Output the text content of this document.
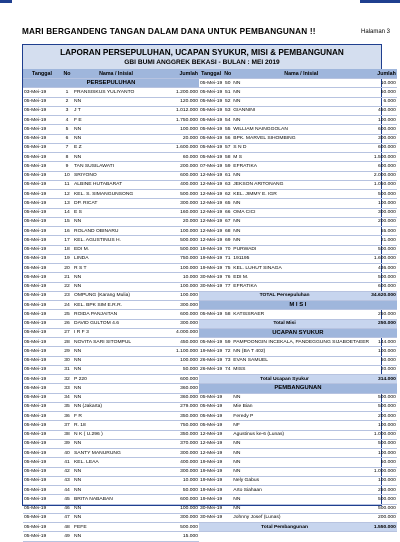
MARI BERGANDENG TANGAN DALAM DANA UNTUK PEMBANGUNAN !!	Halaman 3
LAPORAN PERSEPULUHAN, UCAPAN SYUKUR, MISI & PEMBANGUNAN
GBI BUMI ANGGREK BEKASI - BULAN : MEI 2019
Tanggal	No	Nama / Inisial	Jumlah
PERSEPULUHAN			
03-Mei-19	1	FRANSISKUS YULIYANTO	1.200.000
05-Mei-19	2	NN	120.000
05-Mei-19	3	J T	1.012.000
05-Mei-19	4	F E	1.750.000
05-Mei-19	5	NN	100.000
05-Mei-19	6	NN	20.000
05-Mei-19	7	E Z	1.600.000
05-Mei-19	8	NN	60.000
05-Mei-19	9	TAN SUSILAWATI	200.000
05-Mei-19	10	SRIYONO	600.000
05-Mei-19	11	ALBINE HUTABARAT	400.000
05-Mei-19	12	KEL. S. SIMANGUNSONG	500.000
05-Mei-19	13	DP. RICAT	300.000
05-Mei-19	14	E S	160.000
05-Mei-19	15	NN	20.000
05-Mei-19	16	ROLAND OBINARU	100.000
05-Mei-19	17	KEL. AGUSTINUS H.	500.000
05-Mei-19	18	EDI M.	500.000
05-Mei-19	19	LINDA	750.000
05-Mei-19	20	R S T	100.000
05-Mei-19	21	NN	10.000
05-Mei-19	22	NN	100.000
05-Mei-19	23	OMPUNG (Karang Mulia)	100.000
05-Mei-19	24	KEL. BPK SIM E.R.R.	300.000
05-Mei-19	25	ROIDA PANJAITAN	600.000
05-Mei-19	26	DAVID GULTOM 4.6	300.000
05-Mei-19	27	I R F 3	4.000.000
05-Mei-19	28	NOVITA SARI SITOMPUL	450.000
05-Mei-19	29	NN	1.100.000
05-Mei-19	30	NN	100.000
05-Mei-19	31	NN	50.000
05-Mei-19	32	P 220	600.000
05-Mei-19	33	NN	360.000
05-Mei-19	34	NN	360.000
05-Mei-19	35	NN (Jakarta)	279.000
05-Mei-19	36	F R	350.000
05-Mei-19	37	R. 18	750.000
05-Mei-19	38	N K ( U.296 )	350.000
05-Mei-19	39	NN	370.000
05-Mei-19	40	SANTY MANURUNG	300.000
05-Mei-19	41	KEL. LEAA	400.000
05-Mei-19	42	NN	300.000
05-Mei-19	43	NN	10.000
05-Mei-19	44	NN	50.000
05-Mei-19	45	BRITA NABABAN	600.000
05-Mei-19	46	NN	100.000
05-Mei-19	47	NN	300.000
05-Mei-19	48	FEFE	500.000
05-Mei-19	49	NN	15.000
Tanggal	No	Nama / Inisial	Jumlah
05-Mei-19	50	NN	10.000
05-Mei-19	51	NN	50.000
05-Mei-19	52	NN	6.000
05-Mei-19	53	GIANNINI	450.000
05-Mei-19	54	NN	100.000
05-Mei-19	55	WILLIAM NAINGGOLAN	600.000
05-Mei-19	56	BPK. MARVEL SIHOMBING	300.000
05-Mei-19	57	S N D	600.000
05-Mei-19	58	M S	1.500.000
07-Mei-19	59	EFRATIKA	600.000
12-Mei-19	61	NN	2.000.000
12-Mei-19	63	JEKSON ARITONANG	1.050.000
12-Mei-19	62	KEL. JIMMY E. IGR	500.000
12-Mei-19	65	NN	100.000
12-Mei-19	66	OMA CICI	300.000
12-Mei-19	67	NN	200.000
12-Mei-19	68	NN	55.000
12-Mei-19	69	NN	21.000
19-Mei-19	70	PURWADI	500.000
19-Mei-19	71	191195	1.600.000
19-Mei-19	75	KEL. LUHUT SINAGA	436.000
30-Mei-19	76	EDI M.	500.000
30-Mei-19	77	EFRATIKA	600.000
TOTAL Persepuluhan			34.620.000
M I S I			
05-Mei-19	58	KATISSRAER	250.000
Total Misi			250.000
UCAPAN SYUKUR			
05-Mei-19	59	PAMPOONGIN INCEKALA, PANDEGGUNG SIJABOETAEER	144.000
19-Mei-19	72	NN (BA T 402)	100.000
26-Mei-19	73	EVAN SAMUEL	50.000
26-Mei-19	74	MISS	20.000
Total Ucapan Syukur			314.000
PEMBANGUNAN			
05-Mei-19		NN	500.000
05-Mei-19		Mie Bian	500.000
05-Mei-19		Feredy P	200.000
05-Mei-19		NF	100.000
12-Mei-19		Agustinus ke-6 (Lunas)	1.000.000
12-Mei-19		NN	500.000
12-Mei-19		NN	100.000
19-Mei-19		NN	50.000
19-Mei-19		NN	1.000.000
19-Mei-19		Nely Gabus	100.000
19-Mei-19		Arto Siahaan	250.000
19-Mei-19		NN	500.000
30-Mei-19		NN	500.000
30-Mei-19		Johnny Josef (Lunas)	200.000
Total Pembangunan			1.550.000
